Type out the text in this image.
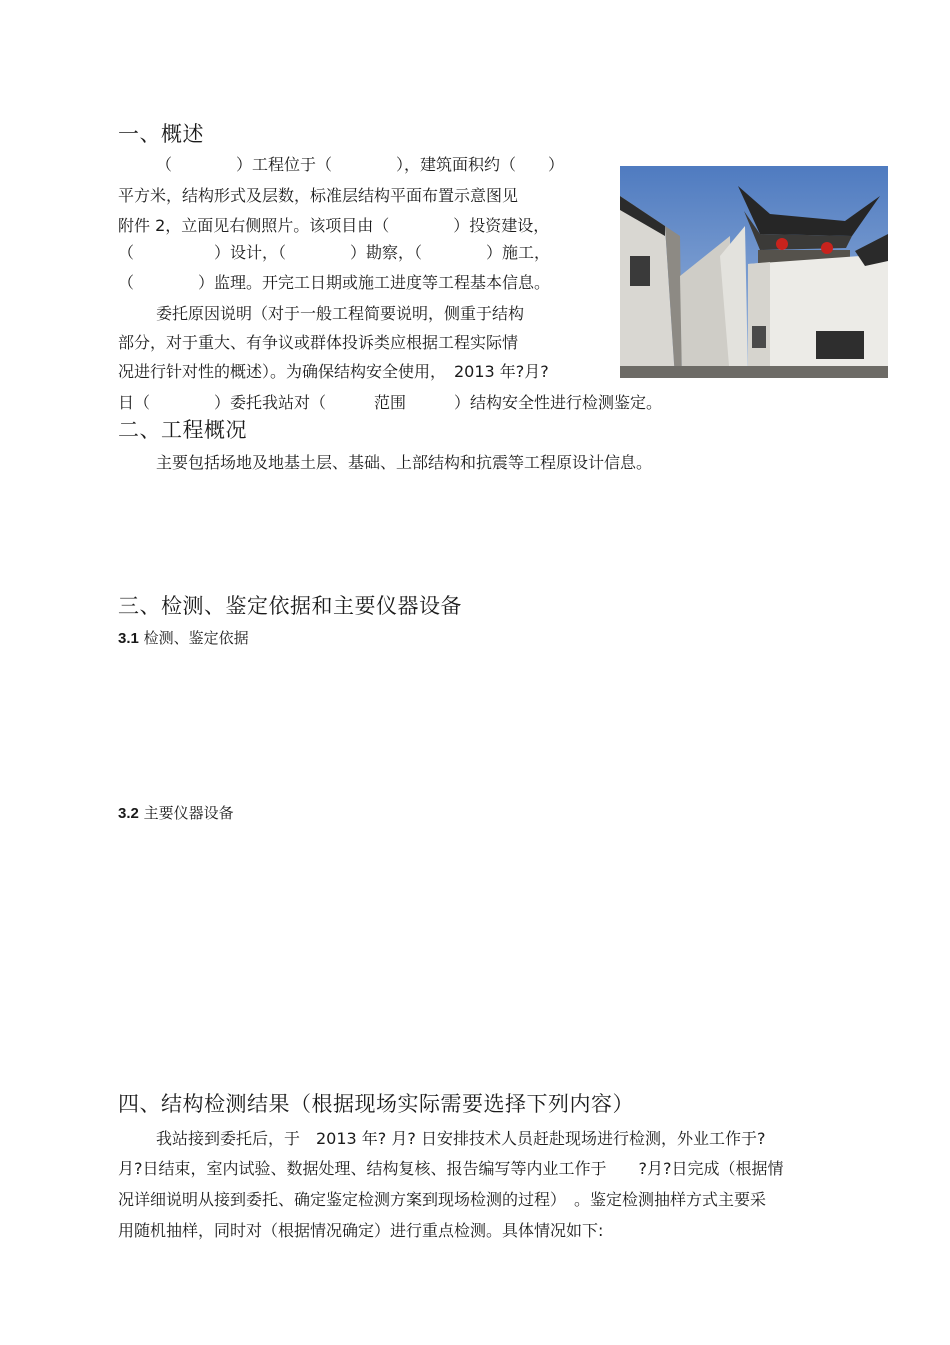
一、概述
（　　　　）工程位于（　　　　），建筑面积约（　　）
平方米，结构形式及层数，标准层结构平面布置示意图见
附件 2，立面见右侧照片。该项目由（　　　　）投资建设，
（　　　　　）设计，（　　　　）勘察，（　　　　）施工，
（　　　　）监理。开完工日期或施工进度等工程基本信息。
委托原因说明（对于一般工程简要说明，侧重于结构
部分，对于重大、有争议或群体投诉类应根据工程实际情
况进行针对性的概述）。为确保结构安全使用，　2013 年?月?
日（　　　　）委托我站对（　　　范围　　　）结构安全性进行检测鉴定。
二、工程概况
主要包括场地及地基土层、基础、上部结构和抗震等工程原设计信息。
三、检测、鉴定依据和主要仪器设备
3.1 检测、鉴定依据
3.2 主要仪器设备
四、结构检测结果（根据现场实际需要选择下列内容）
我站接到委托后，于　2013 年? 月? 日安排技术人员赶赴现场进行检测，外业工作于?
月?日结束，室内试验、数据处理、结构复核、报告编写等内业工作于　　?月?日完成（根据情
况详细说明从接到委托、确定鉴定检测方案到现场检测的过程）　。鉴定检测抽样方式主要采
用随机抽样，同时对（根据情况确定）进行重点检测。具体情况如下:
